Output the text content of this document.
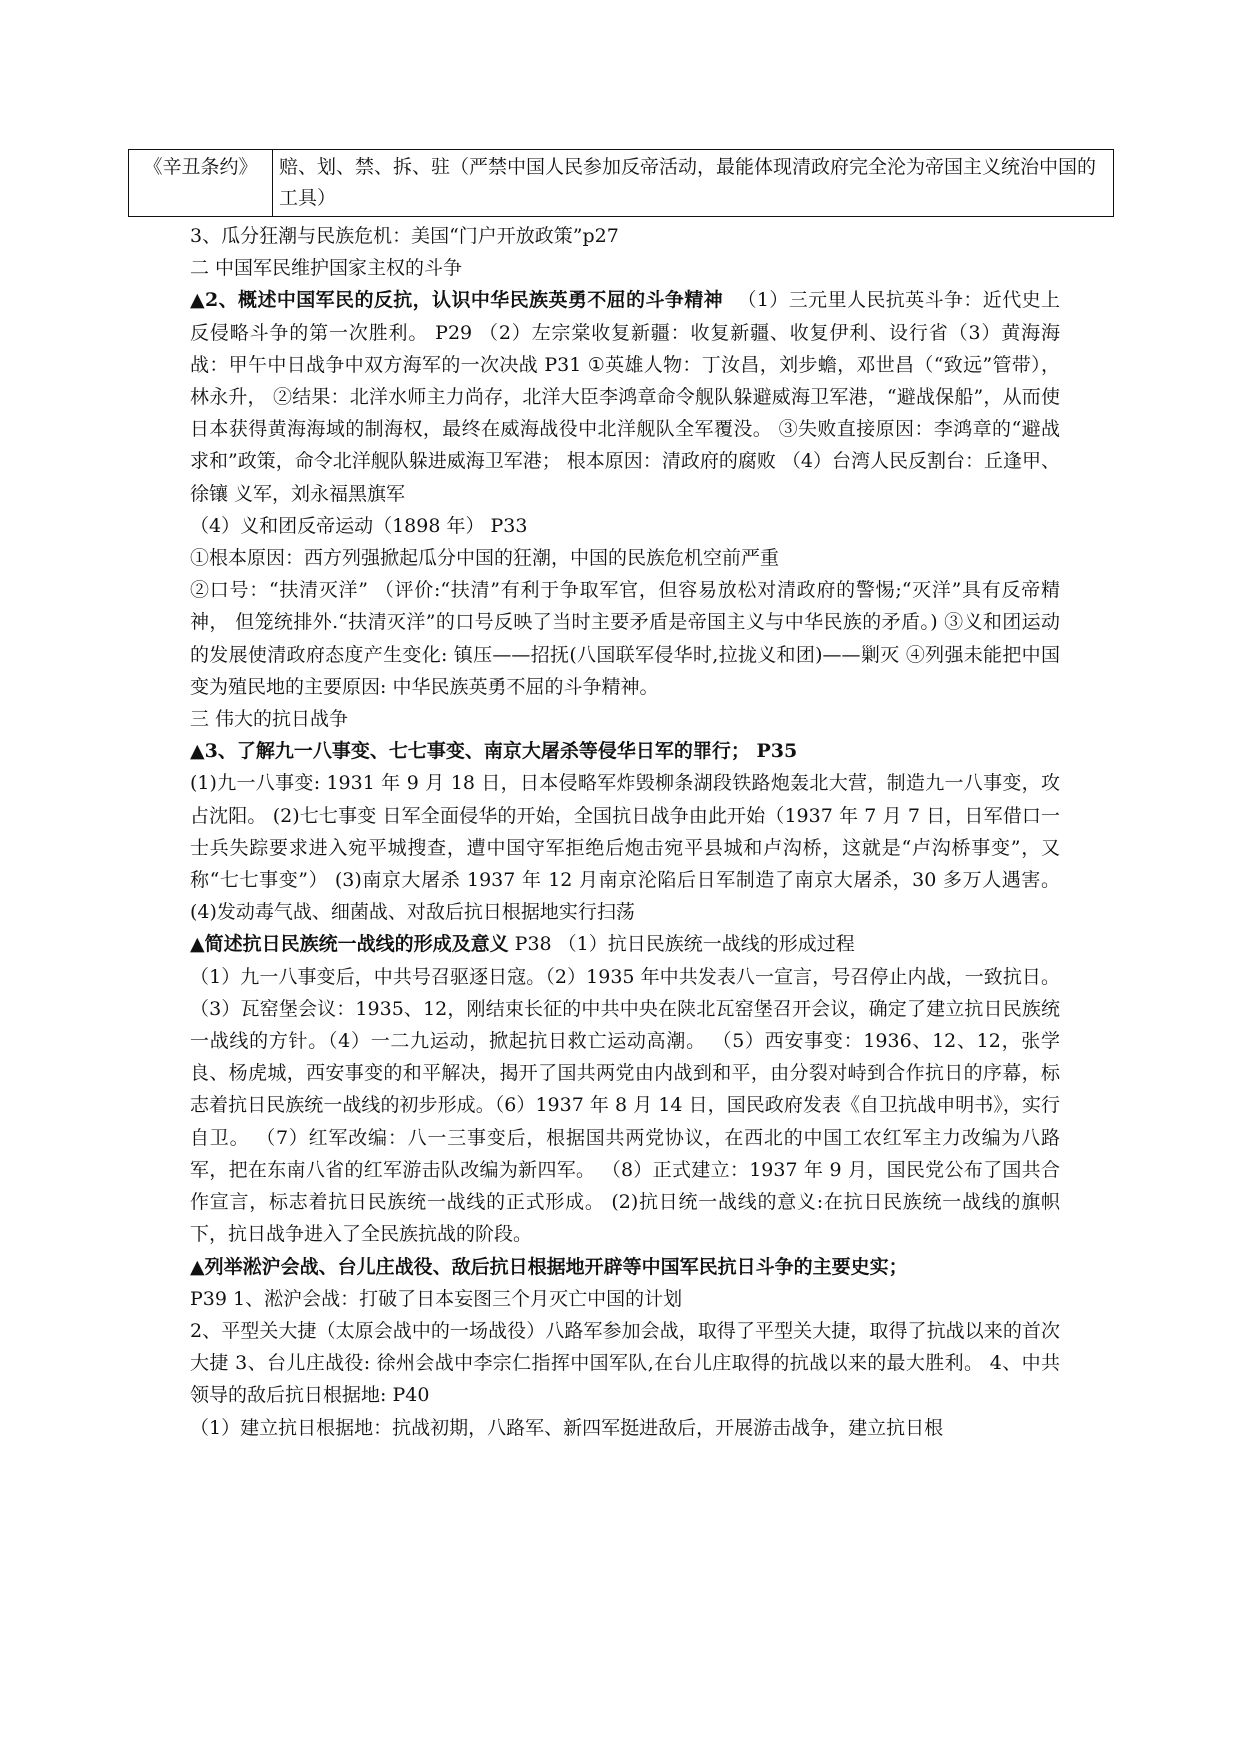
《辛丑条约》	赔、划、禁、拆、驻（严禁中国人民参加反帝活动，最能体现清政府完全沦为帝国主义统治中国的工具）

3、瓜分狂潮与民族危机：美国“门户开放政策”p27

二 中国军民维护国家主权的斗争

▲2、概述中国军民的反抗，认识中华民族英勇不屈的斗争精神 （1）三元里人民抗英斗争：近代史上反侵略斗争的第一次胜利。 P29 （2）左宗棠收复新疆：收复新疆、收复伊利、设行省（3）黄海海战：甲午中日战争中双方海军的一次决战 P31 ①英雄人物：丁汝昌，刘步蟾，邓世昌（“致远”管带），林永升， ②结果：北洋水师主力尚存，北洋大臣李鸿章命令舰队躲避威海卫军港，“避战保船”，从而使日本获得黄海海域的制海权，最终在威海战役中北洋舰队全军覆没。 ③失败直接原因：李鸿章的“避战求和”政策，命令北洋舰队躲进威海卫军港； 根本原因：清政府的腐败 （4）台湾人民反割台：丘逢甲、徐镶 义军，刘永福黑旗军

（4）义和团反帝运动（1898 年） P33

①根本原因：西方列强掀起瓜分中国的狂潮，中国的民族危机空前严重

②口号：“扶清灭洋” （评价:“扶清”有利于争取军官，但容易放松对清政府的警惕;“灭洋”具有反帝精神， 但笼统排外.“扶清灭洋”的口号反映了当时主要矛盾是帝国主义与中华民族的矛盾。) ③义和团运动的发展使清政府态度产生变化: 镇压——招抚(八国联军侵华时,拉拢义和团)——剿灭 ④列强未能把中国变为殖民地的主要原因: 中华民族英勇不屈的斗争精神。

三 伟大的抗日战争

▲3、了解九一八事变、七七事变、南京大屠杀等侵华日军的罪行； P35

(1)九一八事变: 1931 年 9 月 18 日，日本侵略军炸毁柳条湖段铁路炮轰北大营，制造九一八事变，攻占沈阳。 (2)七七事变 日军全面侵华的开始，全国抗日战争由此开始（1937 年 7 月 7 日，日军借口一士兵失踪要求进入宛平城搜查，遭中国守军拒绝后炮击宛平县城和卢沟桥，这就是“卢沟桥事变”，又称“七七事变”） (3)南京大屠杀 1937 年 12 月南京沦陷后日军制造了南京大屠杀，30 多万人遇害。 (4)发动毒气战、细菌战、对敌后抗日根据地实行扫荡

▲简述抗日民族统一战线的形成及意义 P38 （1）抗日民族统一战线的形成过程

（1）九一八事变后，中共号召驱逐日寇。（2）1935 年中共发表八一宣言，号召停止内战，一致抗日。（3）瓦窑堡会议：1935、12，刚结束长征的中共中央在陕北瓦窑堡召开会议，确定了建立抗日民族统一战线的方针。（4）一二九运动，掀起抗日救亡运动高潮。 （5）西安事变：1936、12、12，张学良、杨虎城，西安事变的和平解决，揭开了国共两党由内战到和平，由分裂对峙到合作抗日的序幕，标志着抗日民族统一战线的初步形成。（6）1937 年 8 月 14 日，国民政府发表《自卫抗战申明书》，实行自卫。 （7）红军改编：八一三事变后，根据国共两党协议，在西北的中国工农红军主力改编为八路军，把在东南八省的红军游击队改编为新四军。 （8）正式建立：1937 年 9 月，国民党公布了国共合作宣言，标志着抗日民族统一战线的正式形成。 (2)抗日统一战线的意义:在抗日民族统一战线的旗帜下，抗日战争进入了全民族抗战的阶段。

▲列举淞沪会战、台儿庄战役、敌后抗日根据地开辟等中国军民抗日斗争的主要史实；
P39 1、淞沪会战：打破了日本妄图三个月灭亡中国的计划

2、平型关大捷（太原会战中的一场战役）八路军参加会战，取得了平型关大捷，取得了抗战以来的首次大捷 3、台儿庄战役: 徐州会战中李宗仁指挥中国军队,在台儿庄取得的抗战以来的最大胜利。 4、中共领导的敌后抗日根据地: P40

（1）建立抗日根据地：抗战初期，八路军、新四军挺进敌后，开展游击战争，建立抗日根
